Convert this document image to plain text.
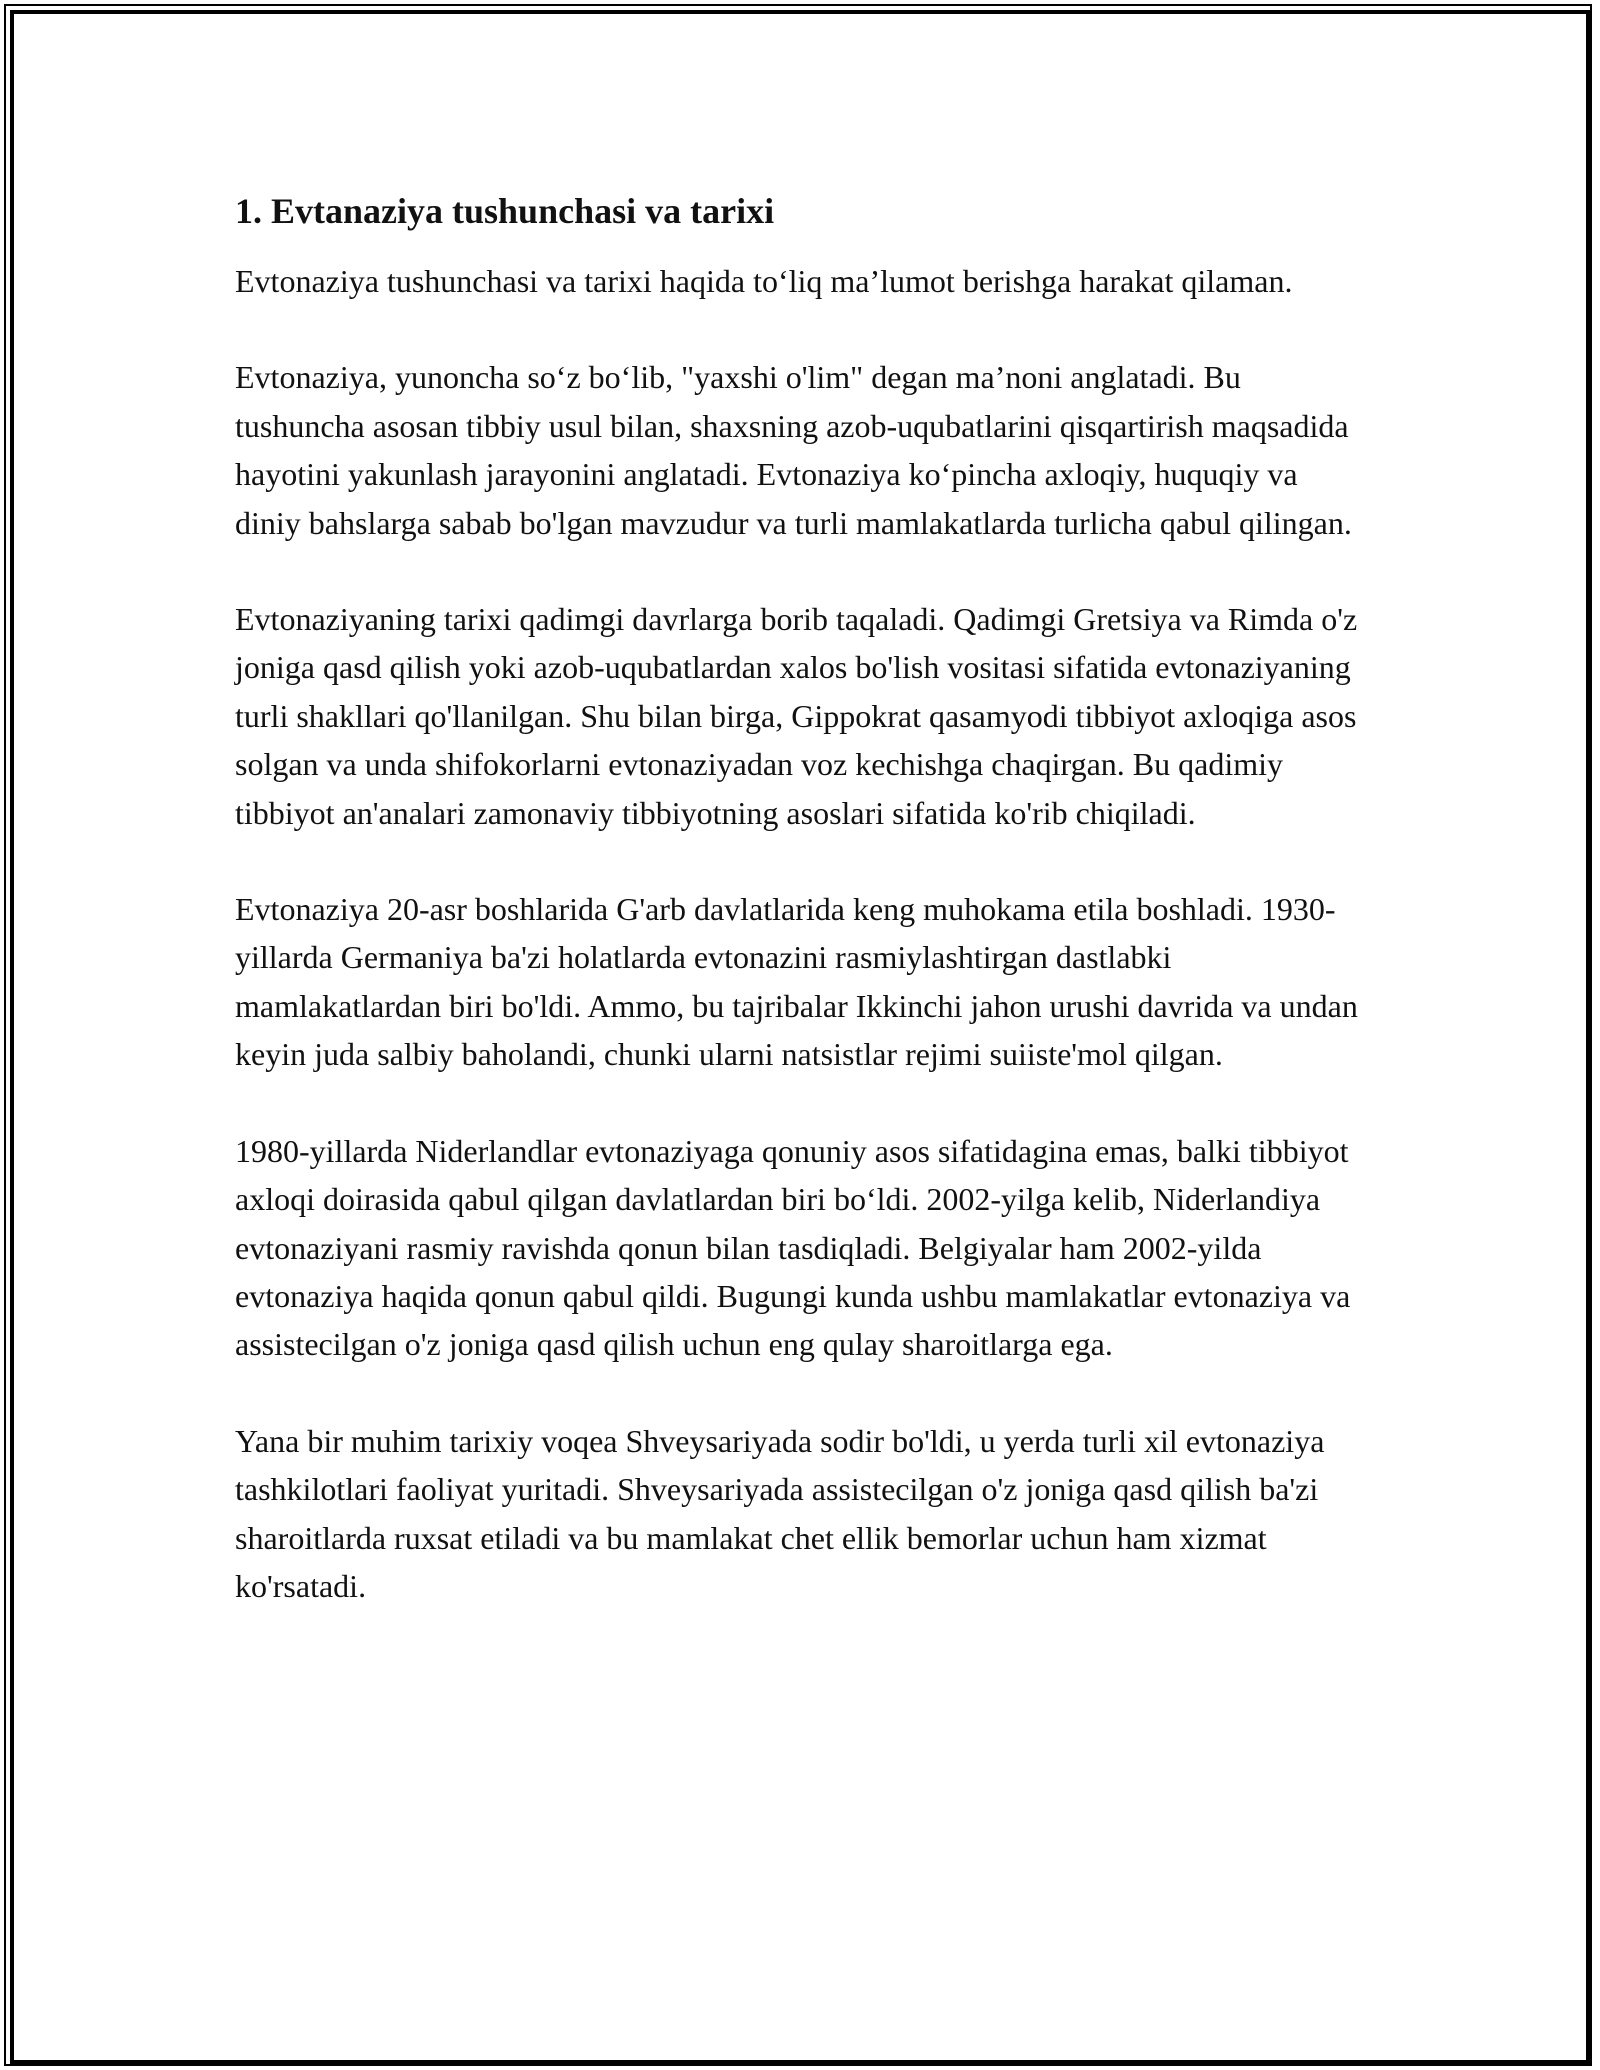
1. Evtanaziya tushunchasi va tarixi

Evtonaziya tushunchasi va tarixi haqida to‘liq ma’lumot berishga harakat qilaman.

Evtonaziya, yunoncha so‘z bo‘lib, "yaxshi o'lim" degan ma’noni anglatadi. Bu tushuncha asosan tibbiy usul bilan, shaxsning azob-uqubatlarini qisqartirish maqsadida hayotini yakunlash jarayonini anglatadi. Evtonaziya ko‘pincha axloqiy, huquqiy va diniy bahslarga sabab bo'lgan mavzudur va turli mamlakatlarda turlicha qabul qilingan.

Evtonaziyaning tarixi qadimgi davrlarga borib taqaladi. Qadimgi Gretsiya va Rimda o'z joniga qasd qilish yoki azob-uqubatlardan xalos bo'lish vositasi sifatida evtonaziyaning turli shakllari qo'llanilgan. Shu bilan birga, Gippokrat qasamyodi tibbiyot axloqiga asos solgan va unda shifokorlarni evtonaziyadan voz kechishga chaqirgan. Bu qadimiy tibbiyot an'analari zamonaviy tibbiyotning asoslari sifatida ko'rib chiqiladi.

Evtonaziya 20-asr boshlarida G'arb davlatlarida keng muhokama etila boshladi. 1930-yillarda Germaniya ba'zi holatlarda evtonazini rasmiylashtirgan dastlabki mamlakatlardan biri bo'ldi. Ammo, bu tajribalar Ikkinchi jahon urushi davrida va undan keyin juda salbiy baholandi, chunki ularni natsistlar rejimi suiiste'mol qilgan.

1980-yillarda Niderlandlar evtonaziyaga qonuniy asos sifatidagina emas, balki tibbiyot axloqi doirasida qabul qilgan davlatlardan biri bo‘ldi. 2002-yilga kelib, Niderlandiya evtonaziyani rasmiy ravishda qonun bilan tasdiqladi. Belgiyalar ham 2002-yilda evtonaziya haqida qonun qabul qildi. Bugungi kunda ushbu mamlakatlar evtonaziya va assistecilgan o'z joniga qasd qilish uchun eng qulay sharoitlarga ega.

Yana bir muhim tarixiy voqea Shveysariyada sodir bo'ldi, u yerda turli xil evtonaziya tashkilotlari faoliyat yuritadi. Shveysariyada assistecilgan o'z joniga qasd qilish ba'zi sharoitlarda ruxsat etiladi va bu mamlakat chet ellik bemorlar uchun ham xizmat ko'rsatadi.
